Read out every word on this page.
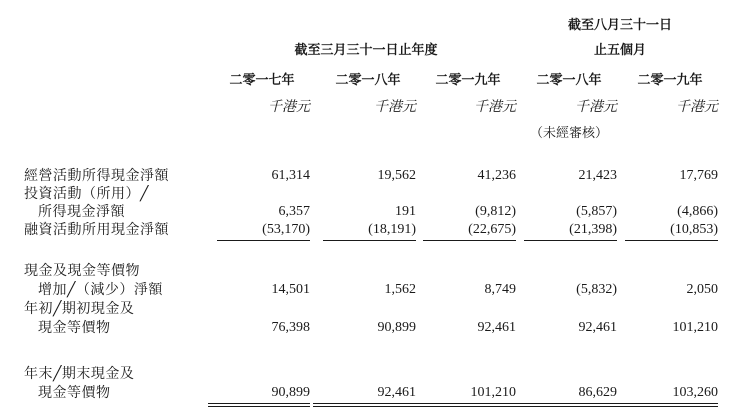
截至八月三十一日
止五個月
截至三月三十一日止年度
二零一七年	二零一八年	二零一九年	二零一八年	二零一九年
千港元	千港元	千港元	千港元	千港元
（未經審核）
經營活動所得現金淨額	61,314	19,562	41,236	21,423	17,769
投資活動（所用）╱
所得現金淨額	6,357	191	(9,812)	(5,857)	(4,866)
融資活動所用現金淨額	(53,170)	(18,191)	(22,675)	(21,398)	(10,853)
現金及現金等價物
增加╱（減少）淨額	14,501	1,562	8,749	(5,832)	2,050
年初╱期初現金及
現金等價物	76,398	90,899	92,461	92,461	101,210
年末╱期末現金及
現金等價物	90,899	92,461	101,210	86,629	103,260
